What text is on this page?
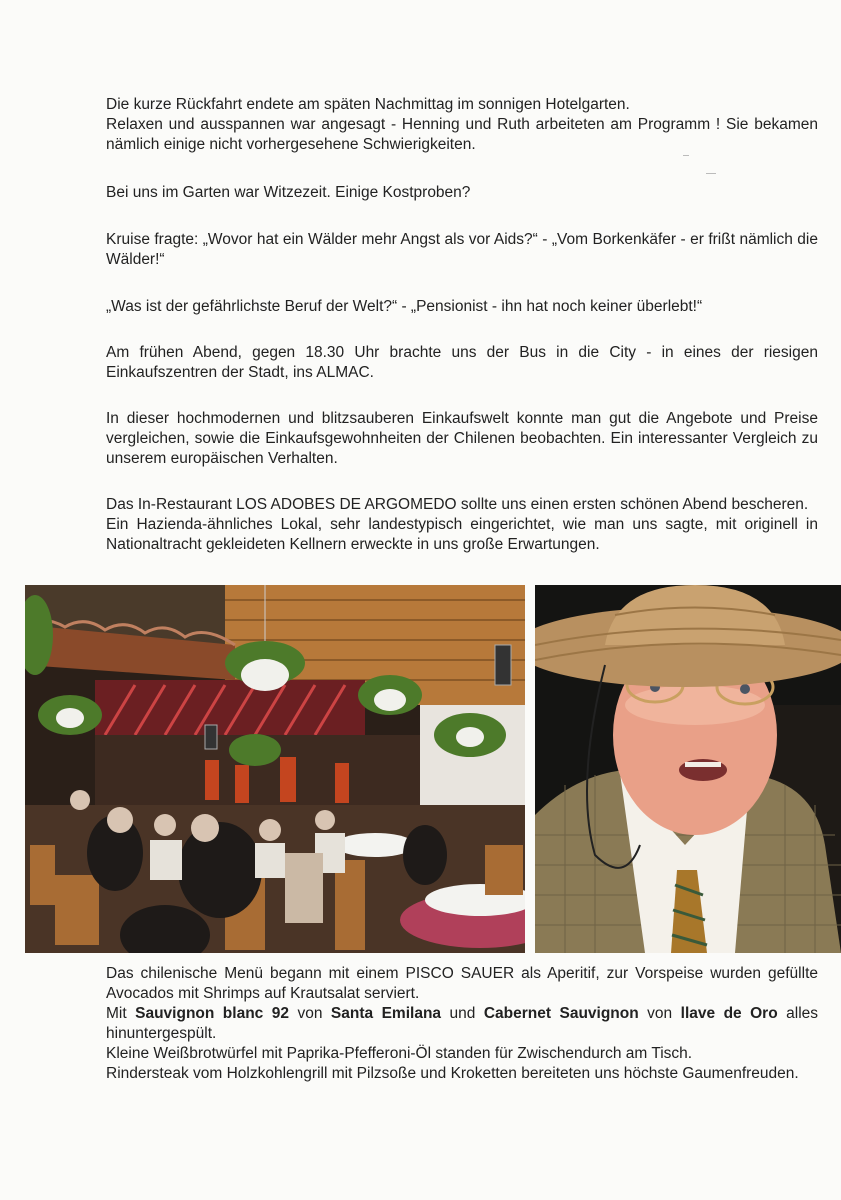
Die kurze Rückfahrt endete am späten Nachmittag im sonnigen Hotelgarten.

Relaxen und ausspannen war angesagt - Henning und Ruth arbeiteten am Programm ! Sie bekamen nämlich einige nicht vorhergesehene Schwierigkeiten.

Bei uns im Garten war Witzezeit. Einige Kostproben?

Kruise fragte: „Wovor hat ein Wälder mehr Angst als vor Aids?“ - „Vom Borkenkäfer - er frißt nämlich die Wälder!“

„Was ist der gefährlichste Beruf der Welt?“ - „Pensionist - ihn hat noch keiner überlebt!“

Am frühen Abend, gegen 18.30 Uhr brachte uns der Bus in die City - in eines der riesigen Einkaufszentren der Stadt, ins ALMAC.

In dieser hochmodernen und blitzsauberen Einkaufswelt konnte man gut die Angebote und Preise vergleichen, sowie die Einkaufsgewohnheiten der Chilenen beobachten. Ein interessanter Vergleich zu unserem europäischen Verhalten.

Das In-Restaurant LOS ADOBES DE ARGOMEDO sollte uns einen ersten schönen Abend bescheren.

Ein Hazienda-ähnliches Lokal, sehr landestypisch eingerichtet, wie man uns sagte, mit originell in Nationaltracht gekleideten Kellnern erweckte in uns große Erwartungen.

Das chilenische Menü begann mit einem PISCO SAUER als Aperitif, zur Vorspeise wurden gefüllte Avocados mit Shrimps auf Krautsalat serviert.

Mit Sauvignon blanc 92 von Santa Emilana und Cabernet Sauvignon von llave de Oro alles hinuntergespült.

Kleine Weißbrotwürfel mit Paprika-Pfefferoni-Öl standen für Zwischendurch am Tisch.

Rindersteak vom Holzkohlengrill mit Pilzsoße und Kroketten bereiteten uns höchste Gaumenfreuden.
